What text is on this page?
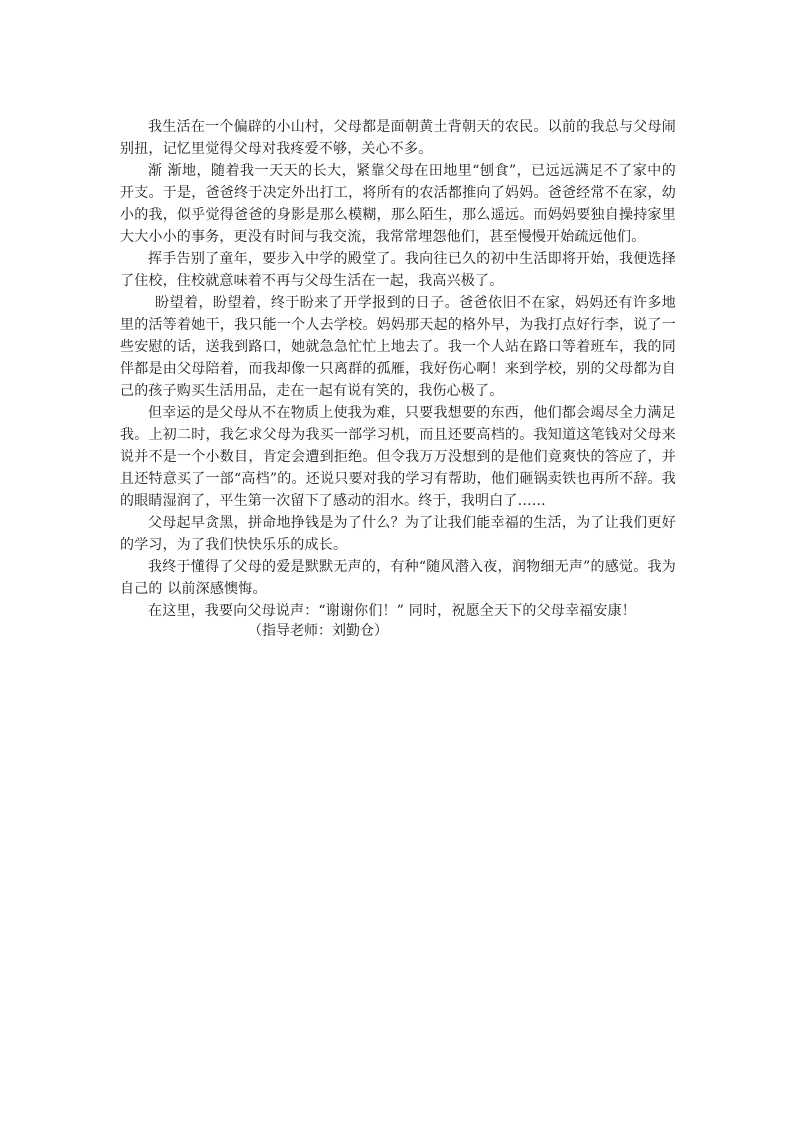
我生活在一个偏辟的小山村，父母都是面朝黄土背朝天的农民。以前的我总与父母闹别扭，记忆里觉得父母对我疼爱不够，关心不多。

渐 渐地，随着我一天天的长大，紧靠父母在田地里“刨食”，已远远满足不了家中的开支。于是，爸爸终于决定外出打工，将所有的农活都推向了妈妈。爸爸经常不在家，幼小的我，似乎觉得爸爸的身影是那么模糊，那么陌生，那么遥远。而妈妈要独自操持家里大大小小的事务，更没有时间与我交流，我常常埋怨他们，甚至慢慢开始疏远他们。

挥手告别了童年，要步入中学的殿堂了。我向往已久的初中生活即将开始，我便选择了住校，住校就意味着不再与父母生活在一起，我高兴极了。

盼望着，盼望着，终于盼来了开学报到的日子。爸爸依旧不在家，妈妈还有许多地里的活等着她干，我只能一个人去学校。妈妈那天起的格外早，为我打点好行李，说了一些安慰的话，送我到路口，她就急急忙忙上地去了。我一个人站在路口等着班车，我的同伴都是由父母陪着，而我却像一只离群的孤雁，我好伤心啊！来到学校，别的父母都为自己的孩子购买生活用品，走在一起有说有笑的，我伤心极了。

但幸运的是父母从不在物质上使我为难，只要我想要的东西，他们都会竭尽全力满足我。上初二时，我乞求父母为我买一部学习机，而且还要高档的。我知道这笔钱对父母来说并不是一个小数目，肯定会遭到拒绝。但令我万万没想到的是他们竟爽快的答应了，并且还特意买了一部“高档”的。还说只要对我的学习有帮助，他们砸锅卖铁也再所不辞。我的眼睛湿润了，平生第一次留下了感动的泪水。终于，我明白了……

父母起早贪黑，拼命地挣钱是为了什么？为了让我们能幸福的生活，为了让我们更好的学习，为了我们快快乐乐的成长。

我终于懂得了父母的爱是默默无声的，有种“随风潜入夜，润物细无声”的感觉。我为自己的 以前深感懊悔。

在这里，我要向父母说声：“谢谢你们！” 同时，祝愿全天下的父母幸福安康！

（指导老师：刘勤仓）
